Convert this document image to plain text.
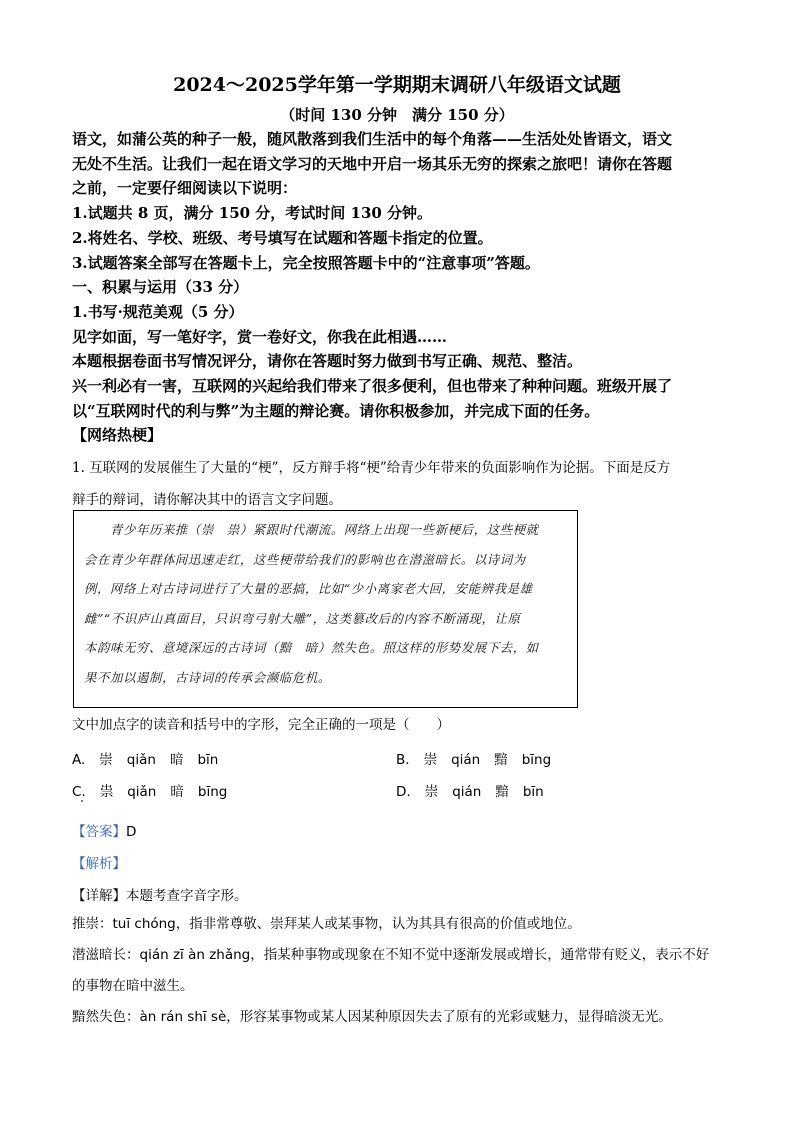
2024～2025学年第一学期期末调研八年级语文试题
（时间 130 分钟　满分 150 分）
语文，如蒲公英的种子一般，随风散落到我们生活中的每个角落——生活处处皆语文，语文
无处不生活。让我们一起在语文学习的天地中开启一场其乐无穷的探索之旅吧！请你在答题
之前，一定要仔细阅读以下说明：
1.试题共 8 页，满分 150 分，考试时间 130 分钟。
2.将姓名、学校、班级、考号填写在试题和答题卡指定的位置。
3.试题答案全部写在答题卡上，完全按照答题卡中的“注意事项”答题。
一、积累与运用（33 分）
1.书写·规范美观（5 分）
见字如面，写一笔好字，赏一卷好文，你我在此相遇……
本题根据卷面书写情况评分，请你在答题时努力做到书写正确、规范、整洁。
兴一利必有一害，互联网的兴起给我们带来了很多便利，但也带来了种种问题。班级开展了
以“互联网时代的利与弊”为主题的辩论赛。请你积极参加，并完成下面的任务。
【网络热梗】
1. 互联网的发展催生了大量的“梗”，反方辩手将“梗”给青少年带来的负面影响作为论据。下面是反方
辩手的辩词，请你解决其中的语言文字问题。
　　青少年历来推（崇　祟）紧跟时代潮流。网络上出现一些新梗后，这些梗就
会在青少年群体间迅速走红，这些梗带给我们的影响也在潜滋暗长。以诗词为
例，网络上对古诗词进行了大量的恶搞，比如“少小离家老大回，安能辨我是雄
雌”“不识庐山真面目，只识弯弓射大雕”，这类篡改后的内容不断涌现，让原
本韵味无穷、意境深远的古诗词（黯　暗）然失色。照这样的形势发展下去，如
果不加以遏制，古诗词的传承会濒临危机。
文中加点字的读音和括号中的字形，完全正确的一项是（　　）
A. 崇 qiǎn 暗 bīn	B. 崇 qián 黯 bīng
C. 祟 qiǎn 暗 bīng	D. 崇 qián 黯 bīn
【答案】D
【解析】
【详解】本题考查字音字形。
推崇：tuī chóng，指非常尊敬、崇拜某人或某事物，认为其具有很高的价值或地位。
潜滋暗长：qián zī àn zhǎng，指某种事物或现象在不知不觉中逐渐发展或增长，通常带有贬义，表示不好
的事物在暗中滋生。
黯然失色：àn rán shī sè，形容某事物或某人因某种原因失去了原有的光彩或魅力，显得暗淡无光。
